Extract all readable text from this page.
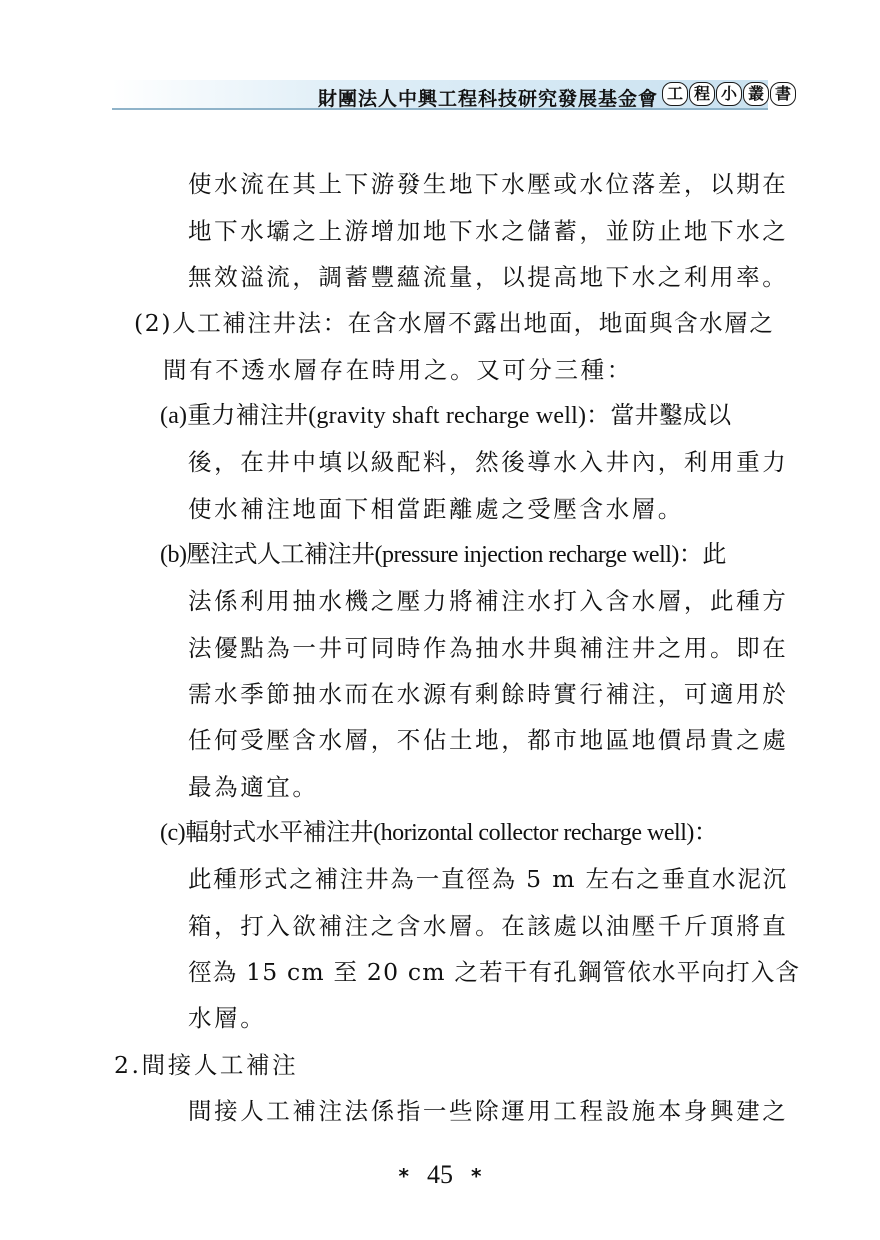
財團法人中興工程科技研究發展基金會 工 程 小 叢 書
使水流在其上下游發生地下水壓或水位落差，以期在
地下水壩之上游增加地下水之儲蓄，並防止地下水之
無效溢流，調蓄豐蘊流量，以提高地下水之利用率。
(2)人工補注井法：在含水層不露出地面，地面與含水層之
間有不透水層存在時用之。又可分三種：
(a)重力補注井(gravity shaft recharge well)：當井鑿成以
後，在井中填以級配料，然後導水入井內，利用重力
使水補注地面下相當距離處之受壓含水層。
(b)壓注式人工補注井(pressure injection recharge well)：此
法係利用抽水機之壓力將補注水打入含水層，此種方
法優點為一井可同時作為抽水井與補注井之用。即在
需水季節抽水而在水源有剩餘時實行補注，可適用於
任何受壓含水層，不佔土地，都市地區地價昂貴之處
最為適宜。
(c)輻射式水平補注井(horizontal collector recharge well)：
此種形式之補注井為一直徑為 5 m 左右之垂直水泥沉
箱，打入欲補注之含水層。在該處以油壓千斤頂將直
徑為 15 cm 至 20 cm 之若干有孔鋼管依水平向打入含
水層。
2.間接人工補注
間接人工補注法係指一些除運用工程設施本身興建之
* 45 *
